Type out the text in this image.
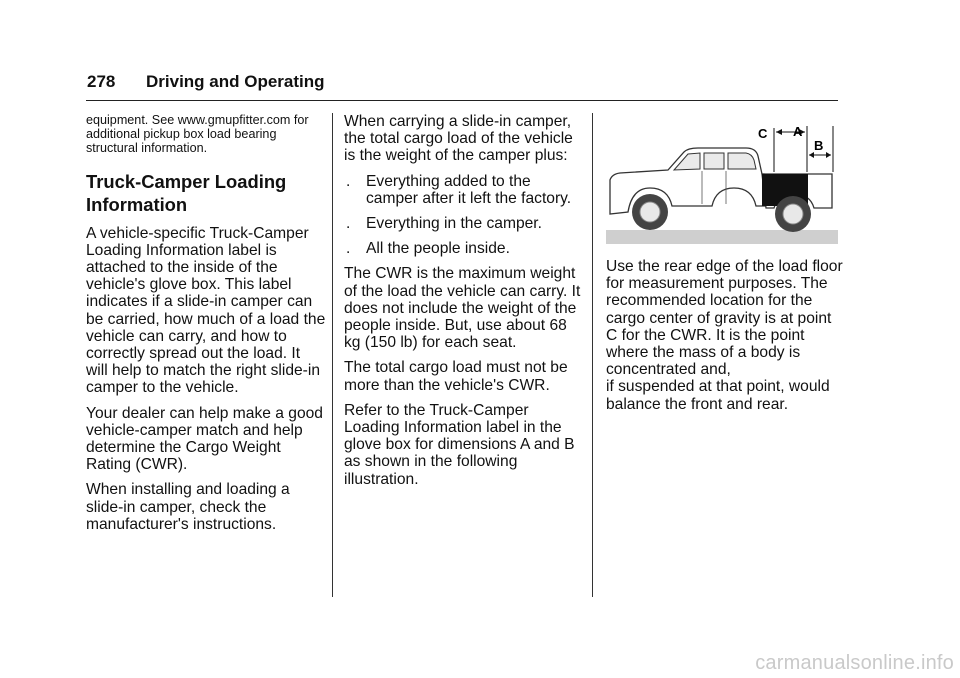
278 Driving and Operating

equipment. See www.gmupfitter.com for additional pickup box load bearing structural information.

Truck-Camper Loading Information

A vehicle-specific Truck-Camper Loading Information label is attached to the inside of the vehicle's glove box. This label indicates if a slide-in camper can be carried, how much of a load the vehicle can carry, and how to correctly spread out the load. It will help to match the right slide-in camper to the vehicle.

Your dealer can help make a good vehicle-camper match and help determine the Cargo Weight Rating (CWR).

When installing and loading a slide-in camper, check the manufacturer's instructions.

When carrying a slide-in camper, the total cargo load of the vehicle is the weight of the camper plus:

. Everything added to the camper after it left the factory.
. Everything in the camper.
. All the people inside.

The CWR is the maximum weight of the load the vehicle can carry. It does not include the weight of the people inside. But, use about 68 kg (150 lb) for each seat.

The total cargo load must not be more than the vehicle's CWR.

Refer to the Truck-Camper Loading Information label in the glove box for dimensions A and B as shown in the following illustration.

C A
B

Use the rear edge of the load floor for measurement purposes. The recommended location for the cargo center of gravity is at point C for the CWR. It is the point where the mass of a body is concentrated and,

if suspended at that point, would balance the front and rear.

carmanualsonline.info
